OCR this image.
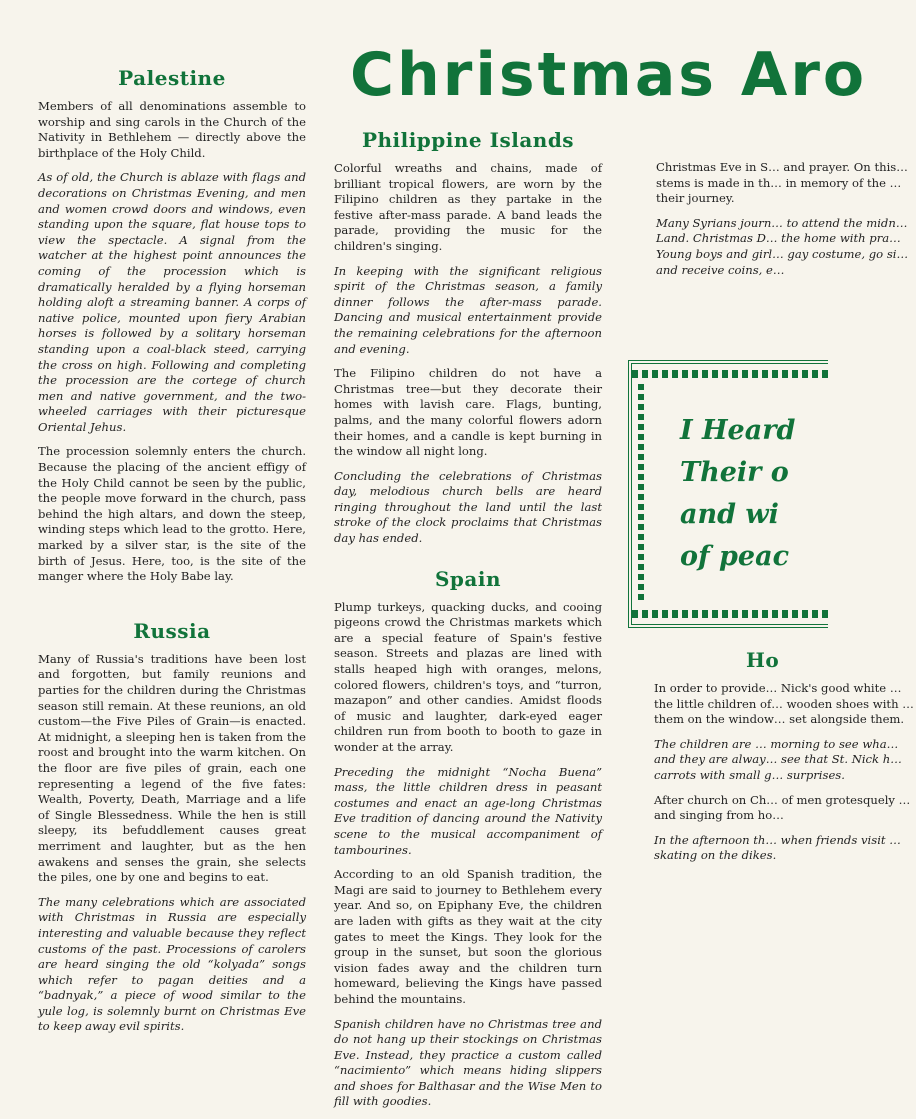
Christmas Aro
Palestine

Members of all denominations assemble to worship and sing carols in the Church of the Nativity in Bethlehem — directly above the birthplace of the Holy Child.

As of old, the Church is ablaze with flags and decorations on Christmas Evening, and men and women crowd doors and windows, even standing upon the square, flat house tops to view the spectacle. A signal from the watcher at the highest point announces the coming of the procession which is dramatically heralded by a flying horseman holding aloft a streaming banner. A corps of native police, mounted upon fiery Arabian horses is followed by a solitary horseman standing upon a coal-black steed, carrying the cross on high. Following and completing the procession are the cortege of church men and native government, and the two-wheeled carriages with their picturesque Oriental Jehus.

The procession solemnly enters the church. Because the placing of the ancient effigy of the Holy Child cannot be seen by the public, the people move forward in the church, pass behind the high altars, and down the steep, winding steps which lead to the grotto. Here, marked by a silver star, is the site of the birth of Jesus. Here, too, is the site of the manger where the Holy Babe lay.

Russia

Many of Russia's traditions have been lost and forgotten, but family reunions and parties for the children during the Christmas season still remain. At these reunions, an old custom—the Five Piles of Grain—is enacted. At midnight, a sleeping hen is taken from the roost and brought into the warm kitchen. On the floor are five piles of grain, each one representing a legend of the five fates: Wealth, Poverty, Death, Marriage and a life of Single Blessedness. While the hen is still sleepy, its befuddlement causes great merriment and laughter, but as the hen awakens and senses the grain, she selects the piles, one by one and begins to eat.

The many celebrations which are associated with Christmas in Russia are especially interesting and valuable because they reflect customs of the past. Processions of carolers are heard singing the old “kolyada” songs which refer to pagan deities and a “badnyak,” a piece of wood similar to the yule log, is solemnly burnt on Christmas Eve to keep away evil spirits.

Philippine Islands

Colorful wreaths and chains, made of brilliant tropical flowers, are worn by the Filipino children as they partake in the festive after-mass parade. A band leads the parade, providing the music for the children's singing.

In keeping with the significant religious spirit of the Christmas season, a family dinner follows the after-mass parade. Dancing and musical entertainment provide the remaining celebrations for the afternoon and evening.

The Filipino children do not have a Christmas tree—but they decorate their homes with lavish care. Flags, bunting, palms, and the many colorful flowers adorn their homes, and a candle is kept burning in the window all night long.

Concluding the celebrations of Christmas day, melodious church bells are heard ringing throughout the land until the last stroke of the clock proclaims that Christmas day has ended.

Spain

Plump turkeys, quacking ducks, and cooing pigeons crowd the Christmas markets which are a special feature of Spain's festive season. Streets and plazas are lined with stalls heaped high with oranges, melons, colored flowers, children's toys, and “turron, mazapon” and other candies. Amidst floods of music and laughter, dark-eyed eager children run from booth to booth to gaze in wonder at the array.

Preceding the midnight “Nocha Buena” mass, the little children dress in peasant costumes and enact an age-long Christmas Eve tradition of dancing around the Nativity scene to the musical accompaniment of tambourines.

According to an old Spanish tradition, the Magi are said to journey to Bethlehem every year. And so, on Epiphany Eve, the children are laden with gifts as they wait at the city gates to meet the Kings. They look for the group in the sunset, but soon the glorious vision fades away and the children turn homeward, believing the Kings have passed behind the mountains.

Spanish children have no Christmas tree and do not hang up their stockings on Christmas Eve. Instead, they practice a custom called “nacimiento” which means hiding slippers and shoes for Balthasar and the Wise Men to fill with goodies.

Christmas Eve in S… and prayer. On this… stems is made in th… in memory of the … their journey.

Many Syrians journ… to attend the midn… Land. Christmas D… the home with pra… Young boys and girl… gay costume, go si… and receive coins, e…

I Heard
Their o
and wi
of peac
Ho

In order to provide… Nick's good white … the little children of… wooden shoes with … them on the window… set alongside them.

The children are … morning to see wha… and they are alway… see that St. Nick h… carrots with small g… surprises.

After church on Ch… of men grotesquely … and singing from ho…

In the afternoon th… when friends visit … skating on the dikes.
